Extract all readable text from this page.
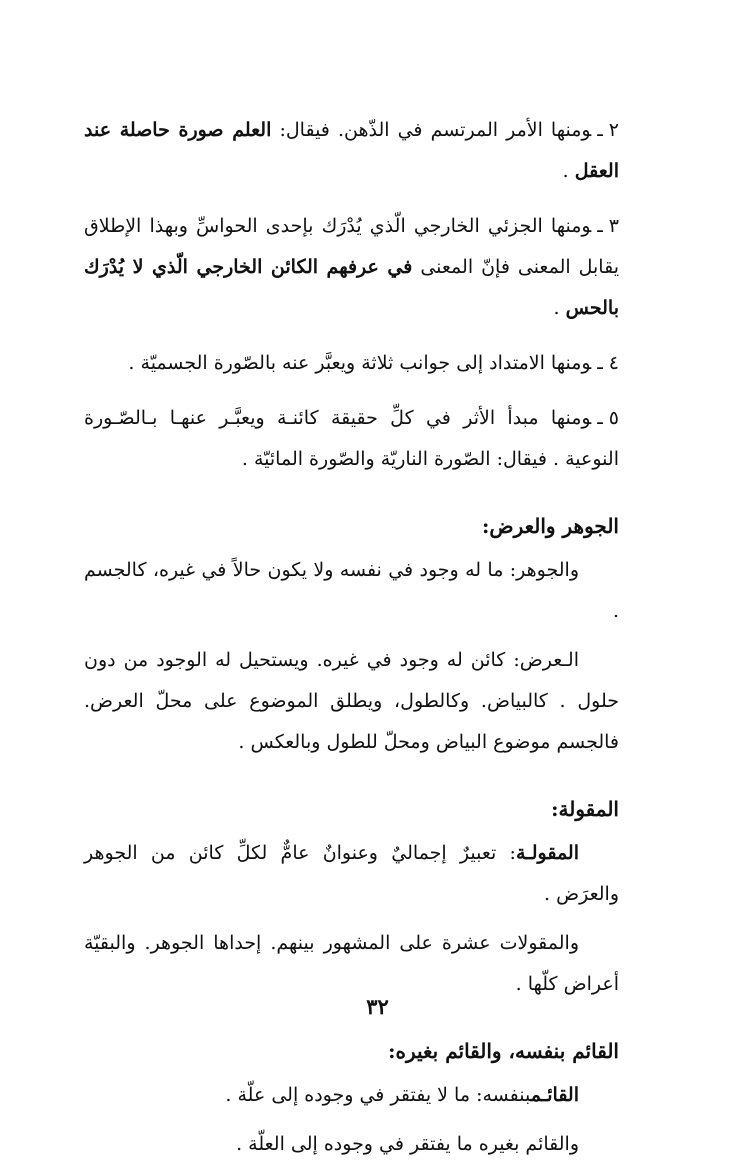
٢ـومنها الأمر المرتسم في الذّهن. فيقال: العلم صورة حاصلة عند العقل .

٣ـومنها الجزئي الخارجي الّذي يُدْرَك بإحدى الحواسِّ وبهذا الإطلاق يقابل المعنى فإنّ المعنى في عرفهم الكائن الخارجي الّذي لا يُدْرَك بالحس .

٤ـومنها الامتداد إلى جوانب ثلاثة ويعبَّر عنه بالصّورة الجسميّة .

٥ـومنها مبدأ الأثر في كلِّ حقيقة كائنـة ويعبَّـر عنهـا بـالصّـورة النوعية . فيقال: الصّورة الناريّة والصّورة المائيّة .

الجوهر والعرض:

والجوهر: ما له وجود في نفسه ولا يكون حالاً في غيره، كالجسم .

الـعرض: كائن له وجود في غيره. ويستحيل له الوجود من دون حلول . كالبياض. وكالطول، ويطلق الموضوع على محلّ العرض. فالجسم موضوع البياض ومحلّ للطول وبالعكس .

المقولة:

المقولـة: تعبيرٌ إجماليٌ وعنوانٌ عامٌّ لكلِّ كائن من الجوهر والعرَض .

والمقولات عشرة على المشهور بينهم. إحداها الجوهر. والبقيّة أعراض كلّها .

القائم بنفسه، والقائم بغيره:

القائـمبنفسه: ما لا يفتقر في وجوده إلى علّة .

والقائم بغيره ما يفتقر في وجوده إلى العلّة .

٣٢
